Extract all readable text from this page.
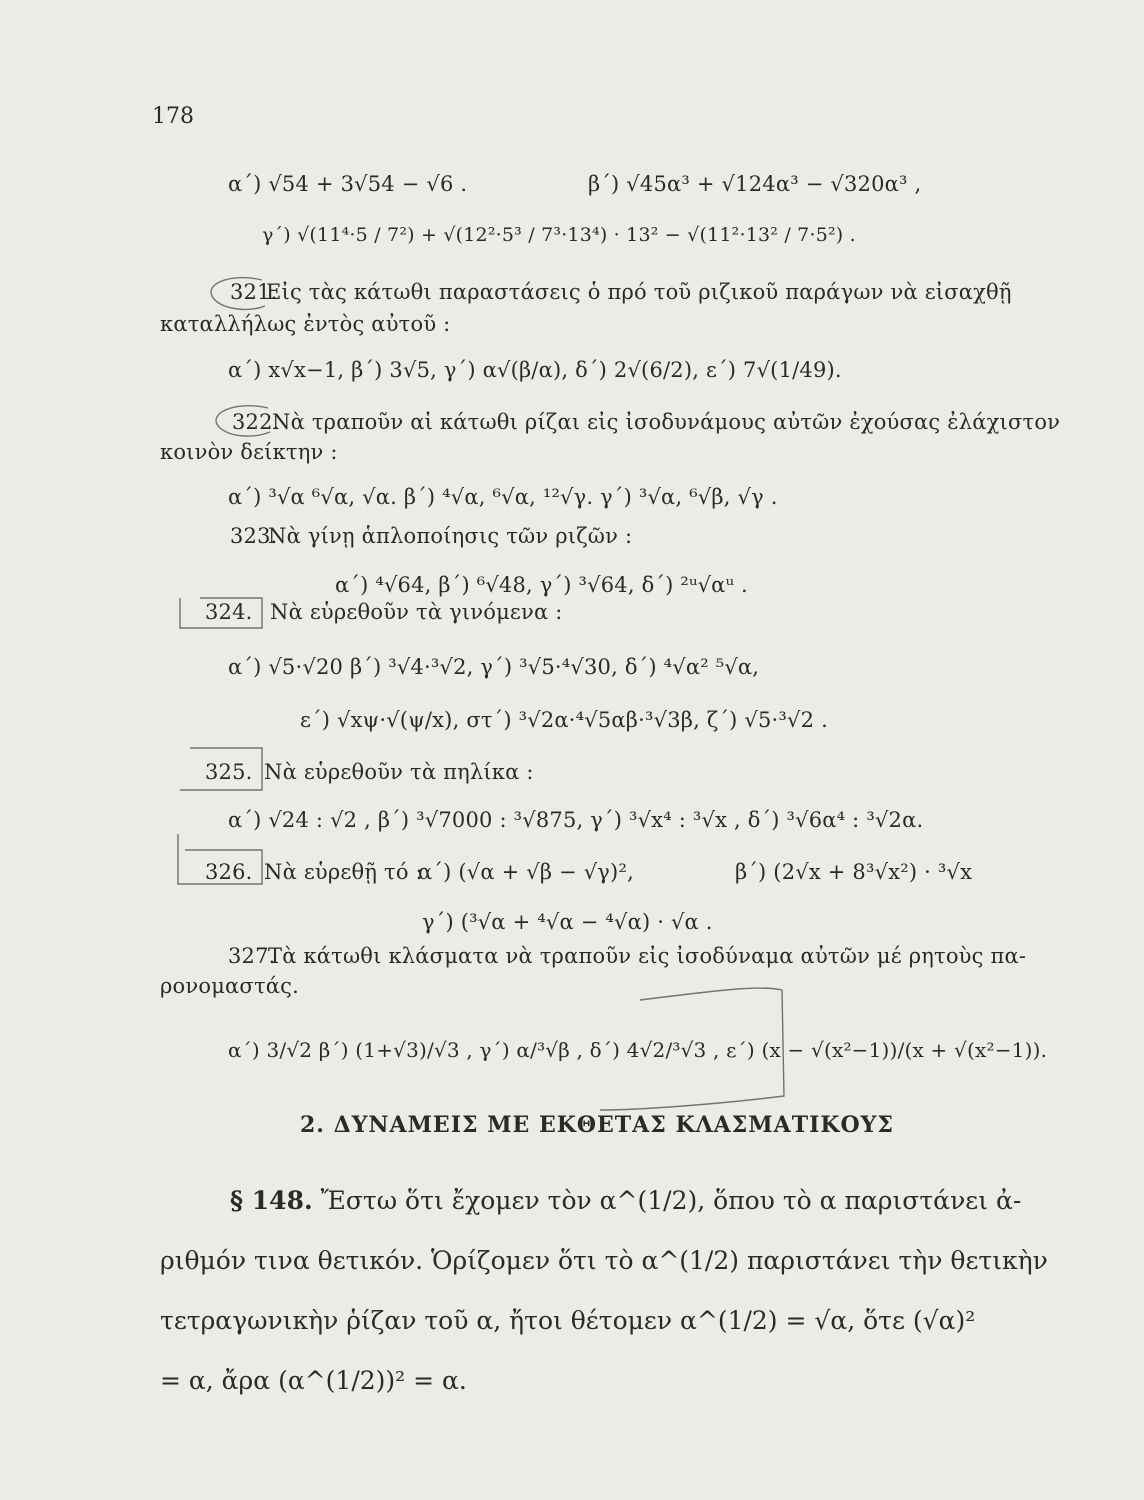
178
α΄) √54 + 3√54 − √6 .	β΄) √45α³ + √124α³ − √320α³ ,
γ΄) √(11⁴·5 / 7²) + √(12²·5³ / 7³·13⁴) · 13² − √(11²·13² / 7·5²) .
321.
Εἰς τὰς κάτωθι παραστάσεις ὁ πρό τοῦ ριζικοῦ παράγων νὰ εἰσαχθῇ
καταλλήλως ἐντὸς αὐτοῦ :
α΄) x√x−1, β΄) 3√5, γ΄) α√(β/α), δ΄) 2√(6/2), ε΄) 7√(1/49).
322.
Νὰ τραποῦν αἱ κάτωθι ρίζαι εἰς ἰσοδυνάμους αὐτῶν ἐχούσας ἐλάχιστον
κοινὸν δείκτην :
α΄) ³√α ⁶√α, √α. β΄) ⁴√α, ⁶√α, ¹²√γ. γ΄) ³√α, ⁶√β, √γ .
323.
Νὰ γίνῃ ἁπλοποίησις τῶν ριζῶν :
α΄) ⁴√64, β΄) ⁶√48, γ΄) ³√64, δ΄) ²ᵘ√αᵘ .
324. Νὰ εὑρεθοῦν τὰ γινόμενα :
α΄) √5·√20 β΄) ³√4·³√2, γ΄) ³√5·⁴√30, δ΄) ⁴√α² ⁵√α,
ε΄) √xψ·√(ψ/x), στ΄) ³√2α·⁴√5αβ·³√3β, ζ΄) √5·³√2 .
325. Νὰ εὑρεθοῦν τὰ πηλίκα :
α΄) √24 : √2 , β΄) ³√7000 : ³√875, γ΄) ³√x⁴ : ³√x , δ΄) ³√6α⁴ : ³√2α.
326. Νὰ εὑρεθῇ τό :
α΄) (√α + √β − √γ)²,	β΄) (2√x + 8³√x²) · ³√x
γ΄) (³√α + ⁴√α − ⁴√α) · √α .
327.
Τὰ κάτωθι κλάσματα νὰ τραποῦν εἰς ἰσοδύναμα αὐτῶν μέ ρητοὺς πα-
ρονομαστάς.
α΄) 3/√2 β΄) (1+√3)/√3 , γ΄) α/³√β , δ΄) 4√2/³√3 , ε΄) (x − √(x²−1))/(x + √(x²−1)).
2. ΔΥΝΑΜΕΙΣ ΜΕ ΕΚΘΕΤΑΣ ΚΛΑΣΜΑΤΙΚΟΥΣ
§ 148. Ἔστω ὅτι ἔχομεν τὸν α^(1/2), ὅπου τὸ α παριστάνει ἀ-
ριθμόν τινα θετικόν. Ὁρίζομεν ὅτι τὸ α^(1/2) παριστάνει τὴν θετικὴν
τετραγωνικὴν ῥίζαν τοῦ α, ἤτοι θέτομεν α^(1/2) = √α, ὅτε (√α)²
= α, ἄρα (α^(1/2))² = α.
